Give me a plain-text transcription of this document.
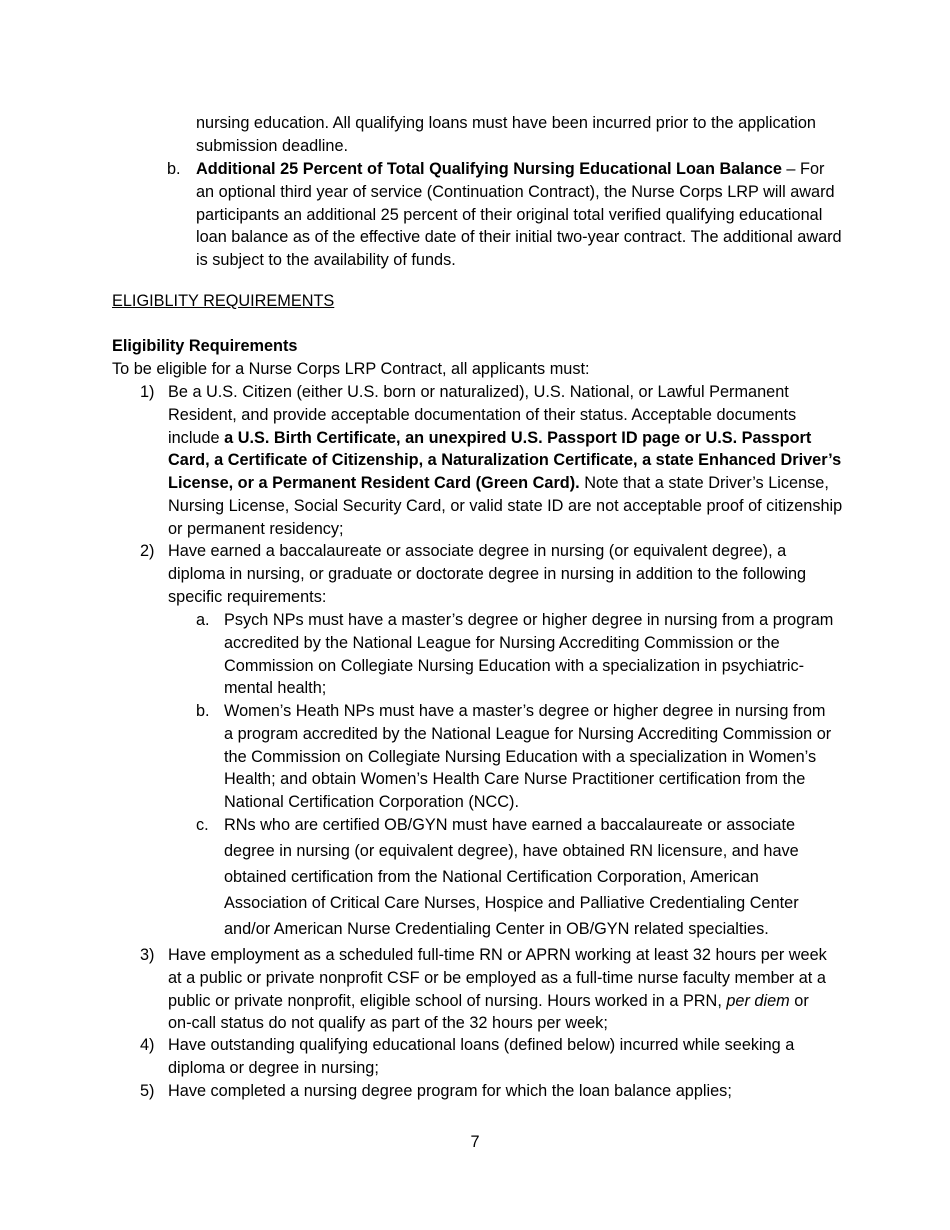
nursing education. All qualifying loans must have been incurred prior to the application submission deadline.

b. Additional 25 Percent of Total Qualifying Nursing Educational Loan Balance – For an optional third year of service (Continuation Contract), the Nurse Corps LRP will award participants an additional 25 percent of their original total verified qualifying educational loan balance as of the effective date of their initial two-year contract. The additional award is subject to the availability of funds.

ELIGIBLITY REQUIREMENTS

Eligibility Requirements

To be eligible for a Nurse Corps LRP Contract, all applicants must:

1) Be a U.S. Citizen (either U.S. born or naturalized), U.S. National, or Lawful Permanent Resident, and provide acceptable documentation of their status. Acceptable documents include a U.S. Birth Certificate, an unexpired U.S. Passport ID page or U.S. Passport Card, a Certificate of Citizenship, a Naturalization Certificate, a state Enhanced Driver’s License, or a Permanent Resident Card (Green Card). Note that a state Driver’s License, Nursing License, Social Security Card, or valid state ID are not acceptable proof of citizenship or permanent residency;

2) Have earned a baccalaureate or associate degree in nursing (or equivalent degree), a diploma in nursing, or graduate or doctorate degree in nursing in addition to the following specific requirements:

a. Psych NPs must have a master’s degree or higher degree in nursing from a program accredited by the National League for Nursing Accrediting Commission or the Commission on Collegiate Nursing Education with a specialization in psychiatric-mental health;

b. Women’s Heath NPs must have a master’s degree or higher degree in nursing from a program accredited by the National League for Nursing Accrediting Commission or the Commission on Collegiate Nursing Education with a specialization in Women’s Health; and obtain Women’s Health Care Nurse Practitioner certification from the National Certification Corporation (NCC).

c. RNs who are certified OB/GYN must have earned a baccalaureate or associate degree in nursing (or equivalent degree), have obtained RN licensure, and have obtained certification from the National Certification Corporation, American Association of Critical Care Nurses, Hospice and Palliative Credentialing Center and/or American Nurse Credentialing Center in OB/GYN related specialties.

3) Have employment as a scheduled full-time RN or APRN working at least 32 hours per week at a public or private nonprofit CSF or be employed as a full-time nurse faculty member at a public or private nonprofit, eligible school of nursing. Hours worked in a PRN, per diem or on-call status do not qualify as part of the 32 hours per week;

4) Have outstanding qualifying educational loans (defined below) incurred while seeking a diploma or degree in nursing;

5) Have completed a nursing degree program for which the loan balance applies;

7
